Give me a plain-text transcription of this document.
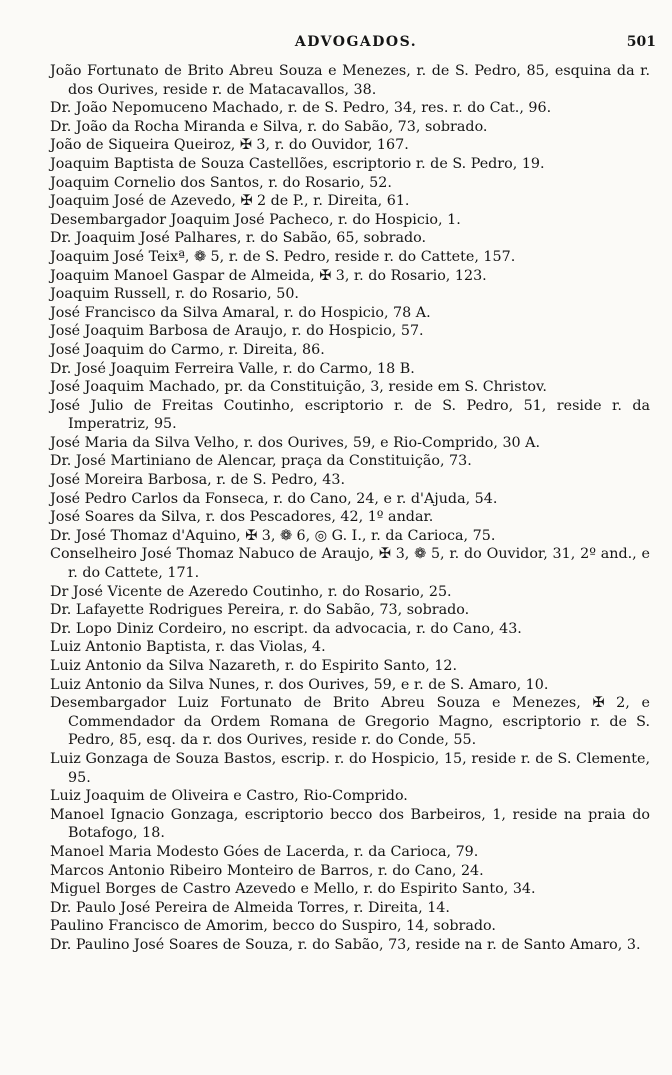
ADVOGADOS.	501
João Fortunato de Brito Abreu Souza e Menezes, r. de S. Pedro, 85, esquina da r. dos Ourives, reside r. de Matacavallos, 38.
Dr. João Nepomuceno Machado, r. de S. Pedro, 34, res. r. do Cat., 96.
Dr. João da Rocha Miranda e Silva, r. do Sabão, 73, sobrado.
João de Siqueira Queiroz, ✠ 3, r. do Ouvidor, 167.
Joaquim Baptista de Souza Castellões, escriptorio r. de S. Pedro, 19.
Joaquim Cornelio dos Santos, r. do Rosario, 52.
Joaquim José de Azevedo, ✠ 2 de P., r. Direita, 61.
Desembargador Joaquim José Pacheco, r. do Hospicio, 1.
Dr. Joaquim José Palhares, r. do Sabão, 65, sobrado.
Joaquim José Teixª, ❁ 5, r. de S. Pedro, reside r. do Cattete, 157.
Joaquim Manoel Gaspar de Almeida, ✠ 3, r. do Rosario, 123.
Joaquim Russell, r. do Rosario, 50.
José Francisco da Silva Amaral, r. do Hospicio, 78 A.
José Joaquim Barbosa de Araujo, r. do Hospicio, 57.
José Joaquim do Carmo, r. Direita, 86.
Dr. José Joaquim Ferreira Valle, r. do Carmo, 18 B.
José Joaquim Machado, pr. da Constituição, 3, reside em S. Christov.
José Julio de Freitas Coutinho, escriptorio r. de S. Pedro, 51, reside r. da Imperatriz, 95.
José Maria da Silva Velho, r. dos Ourives, 59, e Rio-Comprido, 30 A.
Dr. José Martiniano de Alencar, praça da Constituição, 73.
José Moreira Barbosa, r. de S. Pedro, 43.
José Pedro Carlos da Fonseca, r. do Cano, 24, e r. d'Ajuda, 54.
José Soares da Silva, r. dos Pescadores, 42, 1º andar.
Dr. José Thomaz d'Aquino, ✠ 3, ❁ 6, ◎ G. I., r. da Carioca, 75.
Conselheiro José Thomaz Nabuco de Araujo, ✠ 3, ❁ 5, r. do Ouvidor, 31, 2º and., e r. do Cattete, 171.
Dr José Vicente de Azeredo Coutinho, r. do Rosario, 25.
Dr. Lafayette Rodrigues Pereira, r. do Sabão, 73, sobrado.
Dr. Lopo Diniz Cordeiro, no escript. da advocacia, r. do Cano, 43.
Luiz Antonio Baptista, r. das Violas, 4.
Luiz Antonio da Silva Nazareth, r. do Espirito Santo, 12.
Luiz Antonio da Silva Nunes, r. dos Ourives, 59, e r. de S. Amaro, 10.
Desembargador Luiz Fortunato de Brito Abreu Souza e Menezes, ✠ 2, e Commendador da Ordem Romana de Gregorio Magno, escriptorio r. de S. Pedro, 85, esq. da r. dos Ourives, reside r. do Conde, 55.
Luiz Gonzaga de Souza Bastos, escrip. r. do Hospicio, 15, reside r. de S. Clemente, 95.
Luiz Joaquim de Oliveira e Castro, Rio-Comprido.
Manoel Ignacio Gonzaga, escriptorio becco dos Barbeiros, 1, reside na praia do Botafogo, 18.
Manoel Maria Modesto Góes de Lacerda, r. da Carioca, 79.
Marcos Antonio Ribeiro Monteiro de Barros, r. do Cano, 24.
Miguel Borges de Castro Azevedo e Mello, r. do Espirito Santo, 34.
Dr. Paulo José Pereira de Almeida Torres, r. Direita, 14.
Paulino Francisco de Amorim, becco do Suspiro, 14, sobrado.
Dr. Paulino José Soares de Souza, r. do Sabão, 73, reside na r. de Santo Amaro, 3.
